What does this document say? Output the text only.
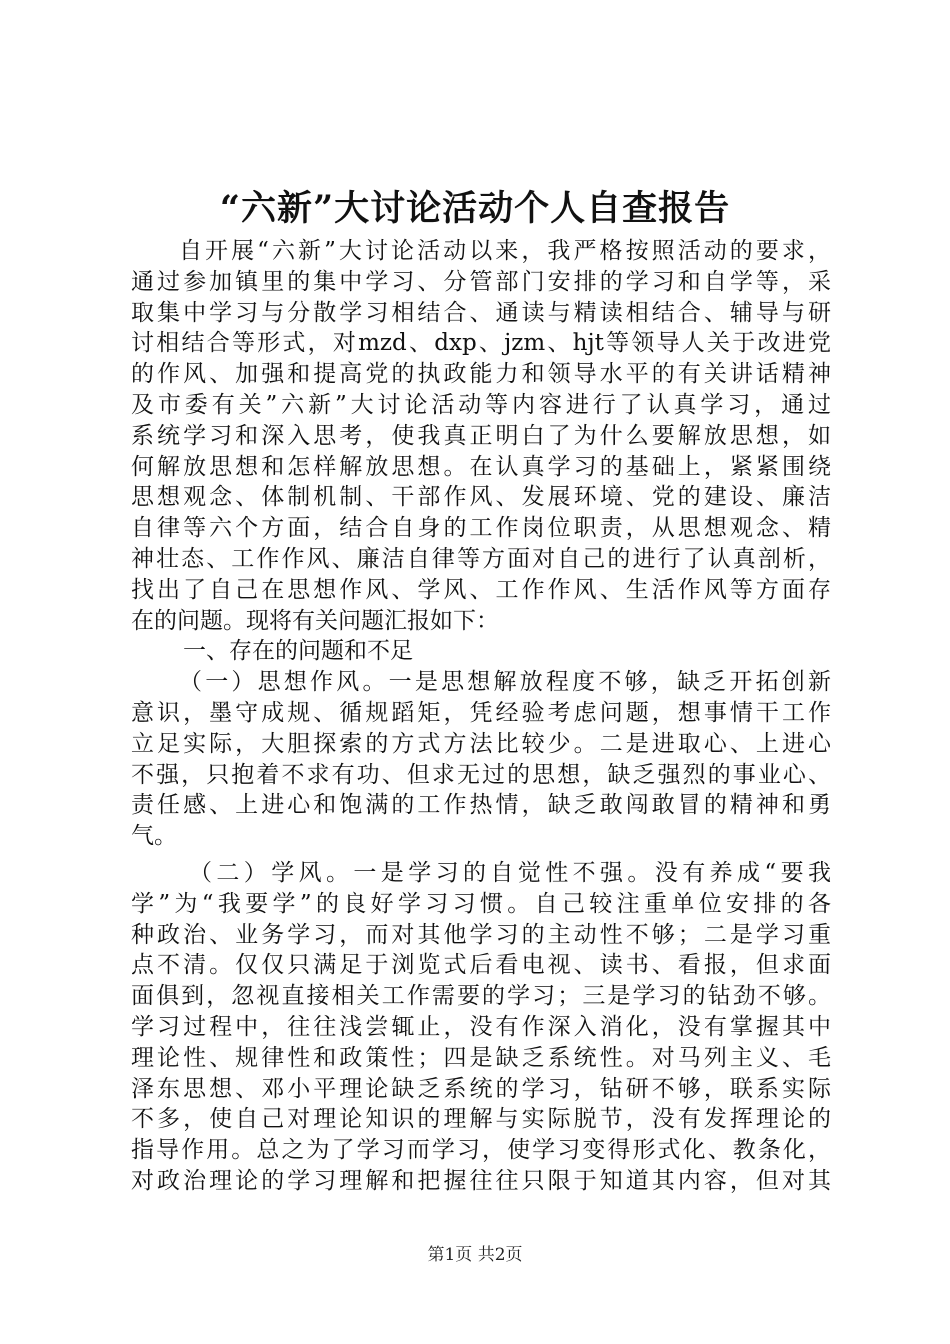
“六新”大讨论活动个人自查报告
自开展“六新”大讨论活动以来，我严格按照活动的要求，
通过参加镇里的集中学习、分管部门安排的学习和自学等，采
取集中学习与分散学习相结合、通读与精读相结合、辅导与研
讨相结合等形式，对mzd、dxp、jzm、hjt等领导人关于改进党
的作风、加强和提高党的执政能力和领导水平的有关讲话精神
及市委有关”六新”大讨论活动等内容进行了认真学习，通过
系统学习和深入思考，使我真正明白了为什么要解放思想，如
何解放思想和怎样解放思想。在认真学习的基础上，紧紧围绕
思想观念、体制机制、干部作风、发展环境、党的建设、廉洁
自律等六个方面，结合自身的工作岗位职责，从思想观念、精
神壮态、工作作风、廉洁自律等方面对自己的进行了认真剖析，
找出了自己在思想作风、学风、工作作风、生活作风等方面存
在的问题。现将有关问题汇报如下：
一、存在的问题和不足
（一）思想作风。一是思想解放程度不够，缺乏开拓创新
意识，墨守成规、循规蹈矩，凭经验考虑问题，想事情干工作
立足实际，大胆探索的方式方法比较少。二是进取心、上进心
不强，只抱着不求有功、但求无过的思想，缺乏强烈的事业心、
责任感、上进心和饱满的工作热情，缺乏敢闯敢冒的精神和勇
气。
（二）学风。一是学习的自觉性不强。没有养成“要我
学”为“我要学”的良好学习习惯。自己较注重单位安排的各
种政治、业务学习，而对其他学习的主动性不够；二是学习重
点不清。仅仅只满足于浏览式后看电视、读书、看报，但求面
面俱到，忽视直接相关工作需要的学习；三是学习的钻劲不够。
学习过程中，往往浅尝辄止，没有作深入消化，没有掌握其中
理论性、规律性和政策性；四是缺乏系统性。对马列主义、毛
泽东思想、邓小平理论缺乏系统的学习，钻研不够，联系实际
不多，使自己对理论知识的理解与实际脱节，没有发挥理论的
指导作用。总之为了学习而学习，使学习变得形式化、教条化，
对政治理论的学习理解和把握往往只限于知道其内容，但对其
第1页 共2页
